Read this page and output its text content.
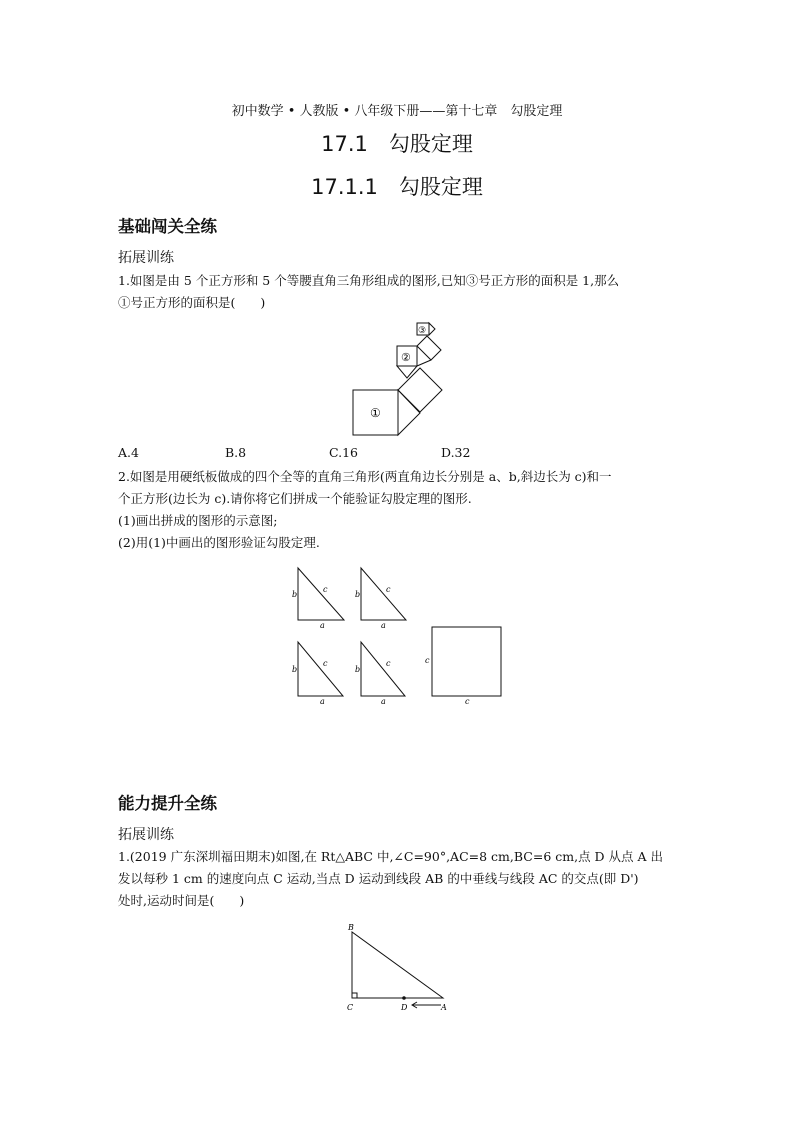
初中数学 • 人教版 • 八年级下册——第十七章　勾股定理
17.1　勾股定理
17.1.1　勾股定理
基础闯关全练
拓展训练
1.如图是由 5 个正方形和 5 个等腰直角三角形组成的图形,已知③号正方形的面积是 1,那么
①号正方形的面积是(　　)
①
②
③
A.4	B.8	C.16	D.32
2.如图是用硬纸板做成的四个全等的直角三角形(两直角边长分别是 a、b,斜边长为 c)和一
个正方形(边长为 c).请你将它们拼成一个能验证勾股定理的图形.
(1)画出拼成的图形的示意图;
(2)用(1)中画出的图形验证勾股定理.
b
c
a
b
c
a
b
c
a
b
c
a
c
c
能力提升全练
拓展训练
1.(2019 广东深圳福田期末)如图,在 Rt△ABC 中,∠C=90°,AC=8 cm,BC=6 cm,点 D 从点 A 出
发以每秒 1 cm 的速度向点 C 运动,当点 D 运动到线段 AB 的中垂线与线段 AC 的交点(即 D')
处时,运动时间是(　　)
B
C	D	A
